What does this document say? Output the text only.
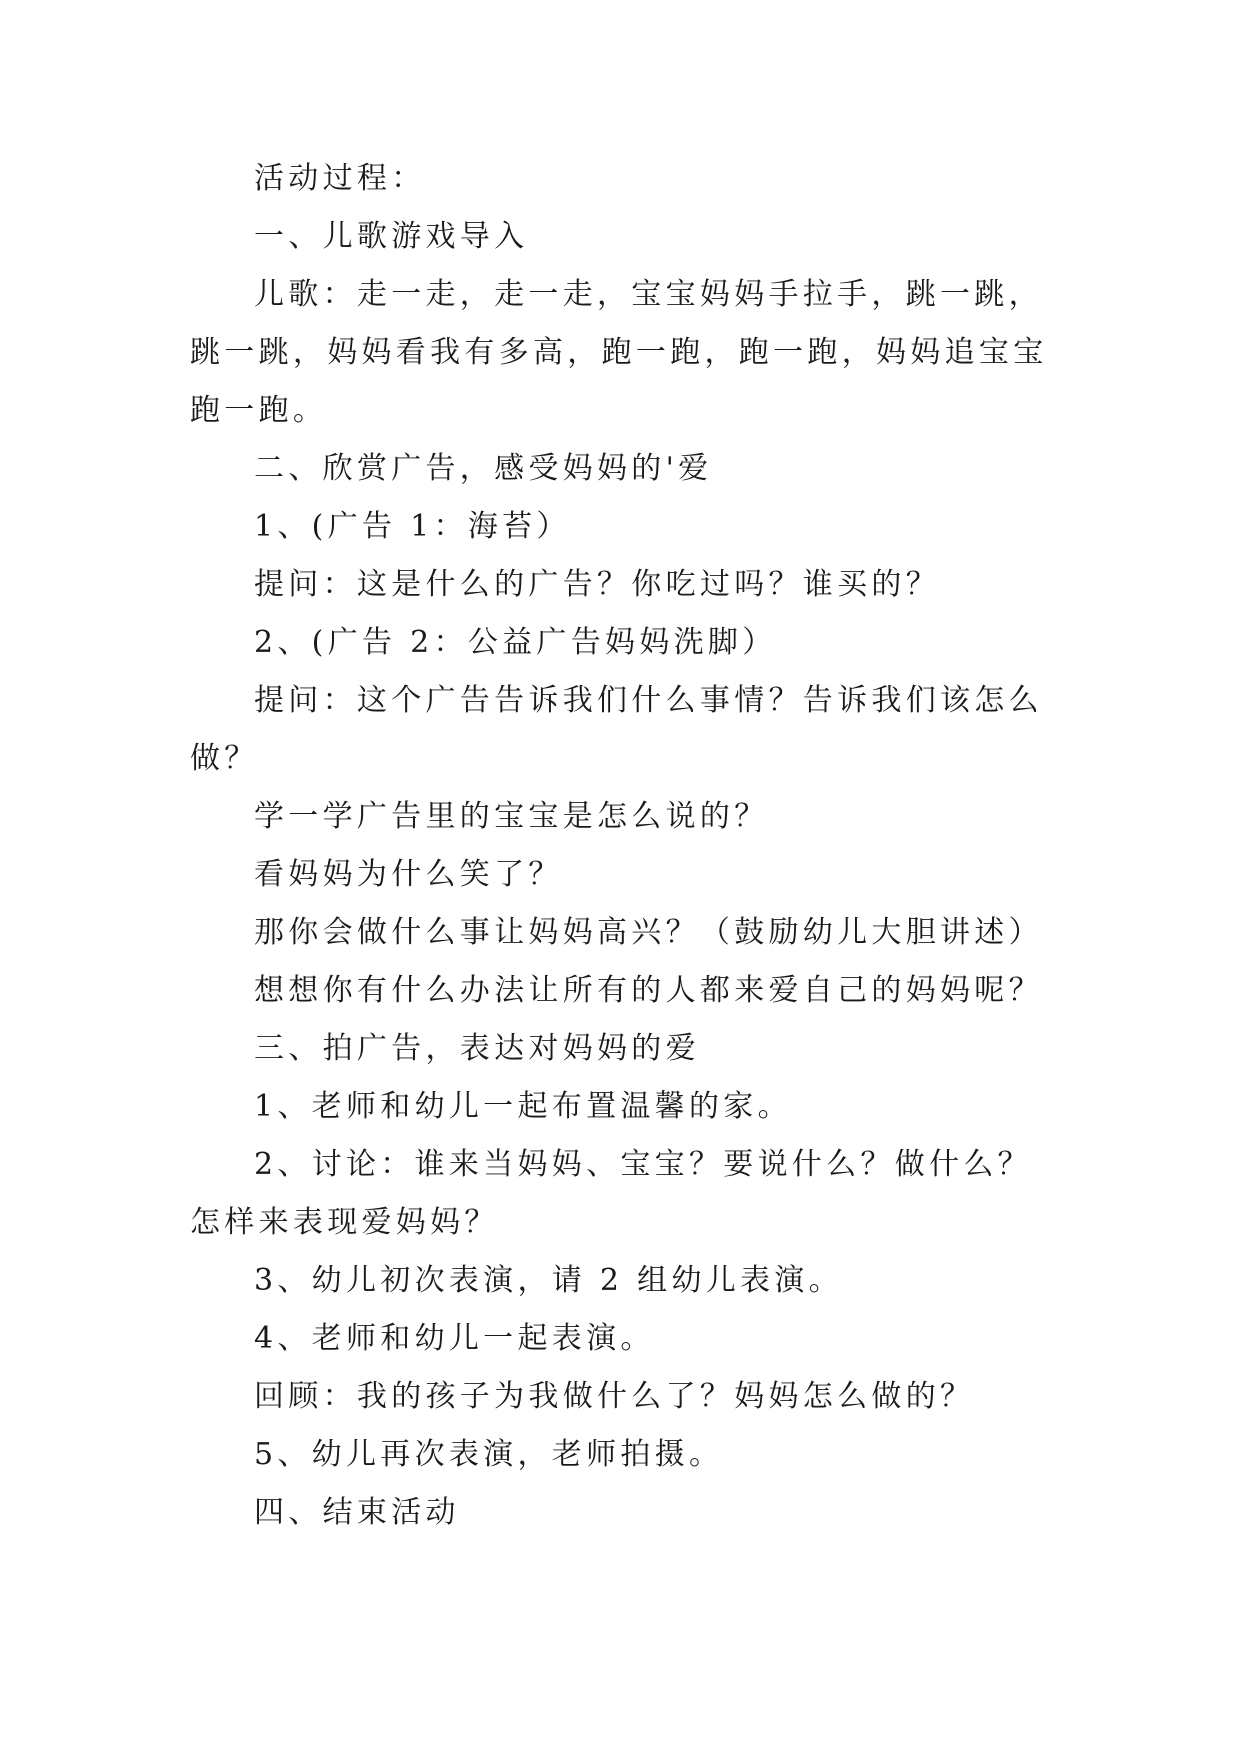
活动过程：

一、儿歌游戏导入

儿歌：走一走，走一走，宝宝妈妈手拉手，跳一跳，跳一跳，妈妈看我有多高，跑一跑，跑一跑，妈妈追宝宝跑一跑。

二、欣赏广告，感受妈妈的'爱

1、(广告 1：海苔）

提问：这是什么的广告？你吃过吗？谁买的？

2、(广告 2：公益广告妈妈洗脚）

提问：这个广告告诉我们什么事情？告诉我们该怎么做？

学一学广告里的宝宝是怎么说的？

看妈妈为什么笑了？

那你会做什么事让妈妈高兴？（鼓励幼儿大胆讲述）

想想你有什么办法让所有的人都来爱自己的妈妈呢？

三、拍广告，表达对妈妈的爱

1、老师和幼儿一起布置温馨的家。

2、讨论：谁来当妈妈、宝宝？要说什么？做什么？怎样来表现爱妈妈？

3、幼儿初次表演，请 2 组幼儿表演。

4、老师和幼儿一起表演。

回顾：我的孩子为我做什么了？妈妈怎么做的？

5、幼儿再次表演，老师拍摄。

四、结束活动
